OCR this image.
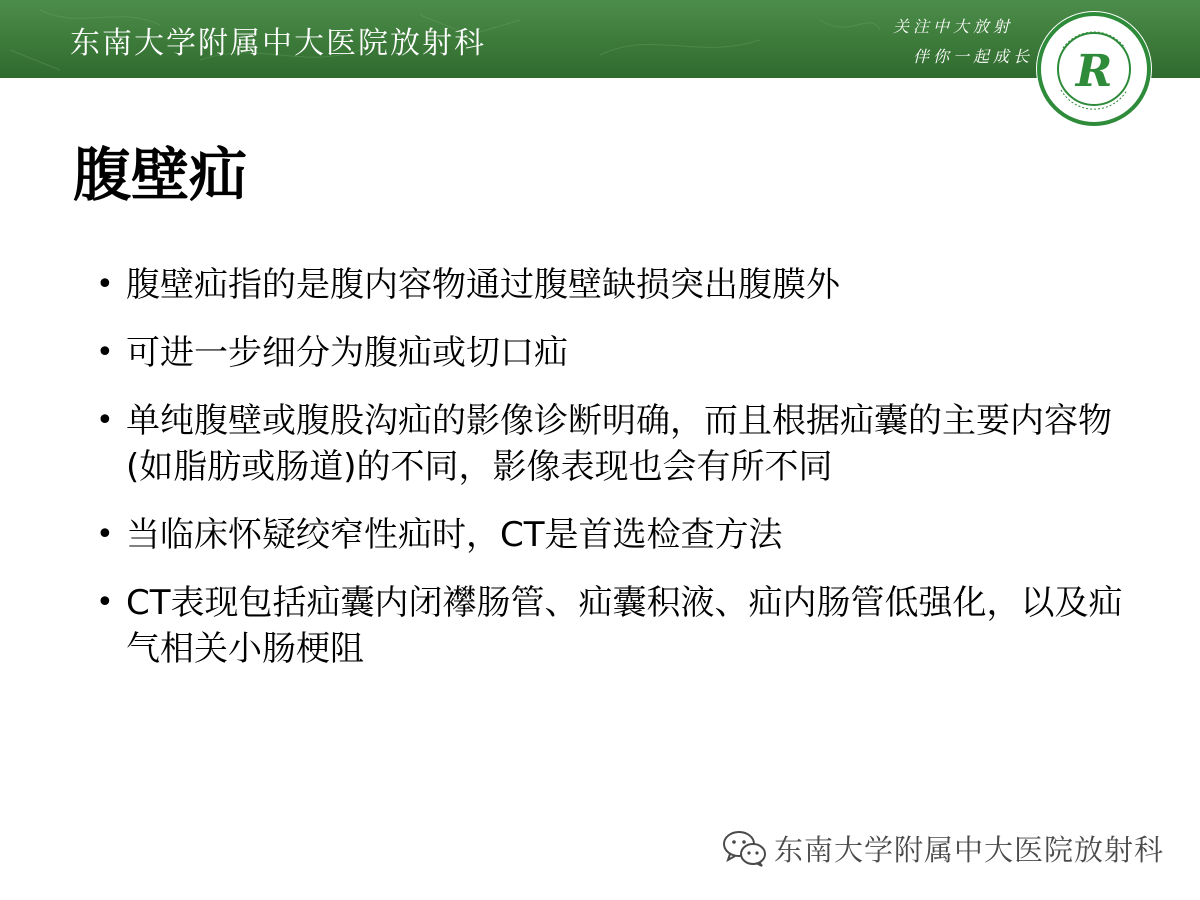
东南大学附属中大医院放射科	关注中大放射
伴你一起成长 R
腹壁疝
• 腹壁疝指的是腹内容物通过腹壁缺损突出腹膜外
• 可进一步细分为腹疝或切口疝
• 单纯腹壁或腹股沟疝的影像诊断明确，而且根据疝囊的主要内容物(如脂肪或肠道)的不同，影像表现也会有所不同
• 当临床怀疑绞窄性疝时，CT是首选检查方法
• CT表现包括疝囊内闭襻肠管、疝囊积液、疝内肠管低强化，以及疝气相关小肠梗阻
东南大学附属中大医院放射科
